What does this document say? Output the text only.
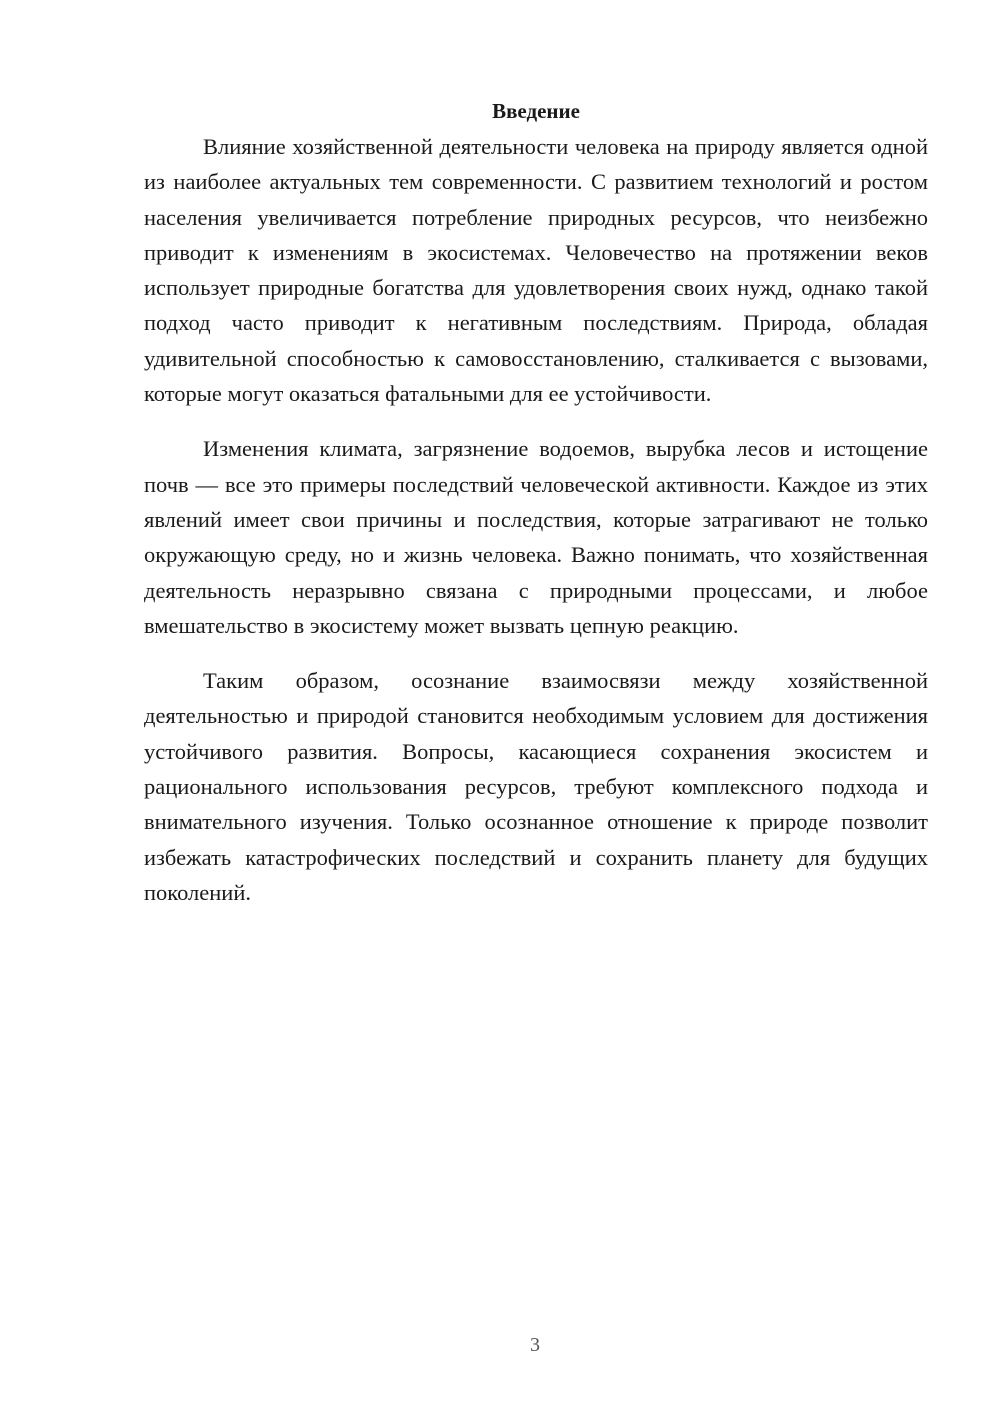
Введение

Влияние хозяйственной деятельности человека на природу является одной из наиболее актуальных тем современности. С развитием технологий и ростом населения увеличивается потребление природных ресурсов, что неизбежно приводит к изменениям в экосистемах. Человечество на протяжении веков использует природные богатства для удовлетворения своих нужд, однако такой подход часто приводит к негативным последствиям. Природа, обладая удивительной способностью к самовосстановлению, сталкивается с вызовами, которые могут оказаться фатальными для ее устойчивости.

Изменения климата, загрязнение водоемов, вырубка лесов и истощение почв — все это примеры последствий человеческой активности. Каждое из этих явлений имеет свои причины и последствия, которые затрагивают не только окружающую среду, но и жизнь человека. Важно понимать, что хозяйственная деятельность неразрывно связана с природными процессами, и любое вмешательство в экосистему может вызвать цепную реакцию.

Таким образом, осознание взаимосвязи между хозяйственной деятельностью и природой становится необходимым условием для достижения устойчивого развития. Вопросы, касающиеся сохранения экосистем и рационального использования ресурсов, требуют комплексного подхода и внимательного изучения. Только осознанное отношение к природе позволит избежать катастрофических последствий и сохранить планету для будущих поколений.

3
